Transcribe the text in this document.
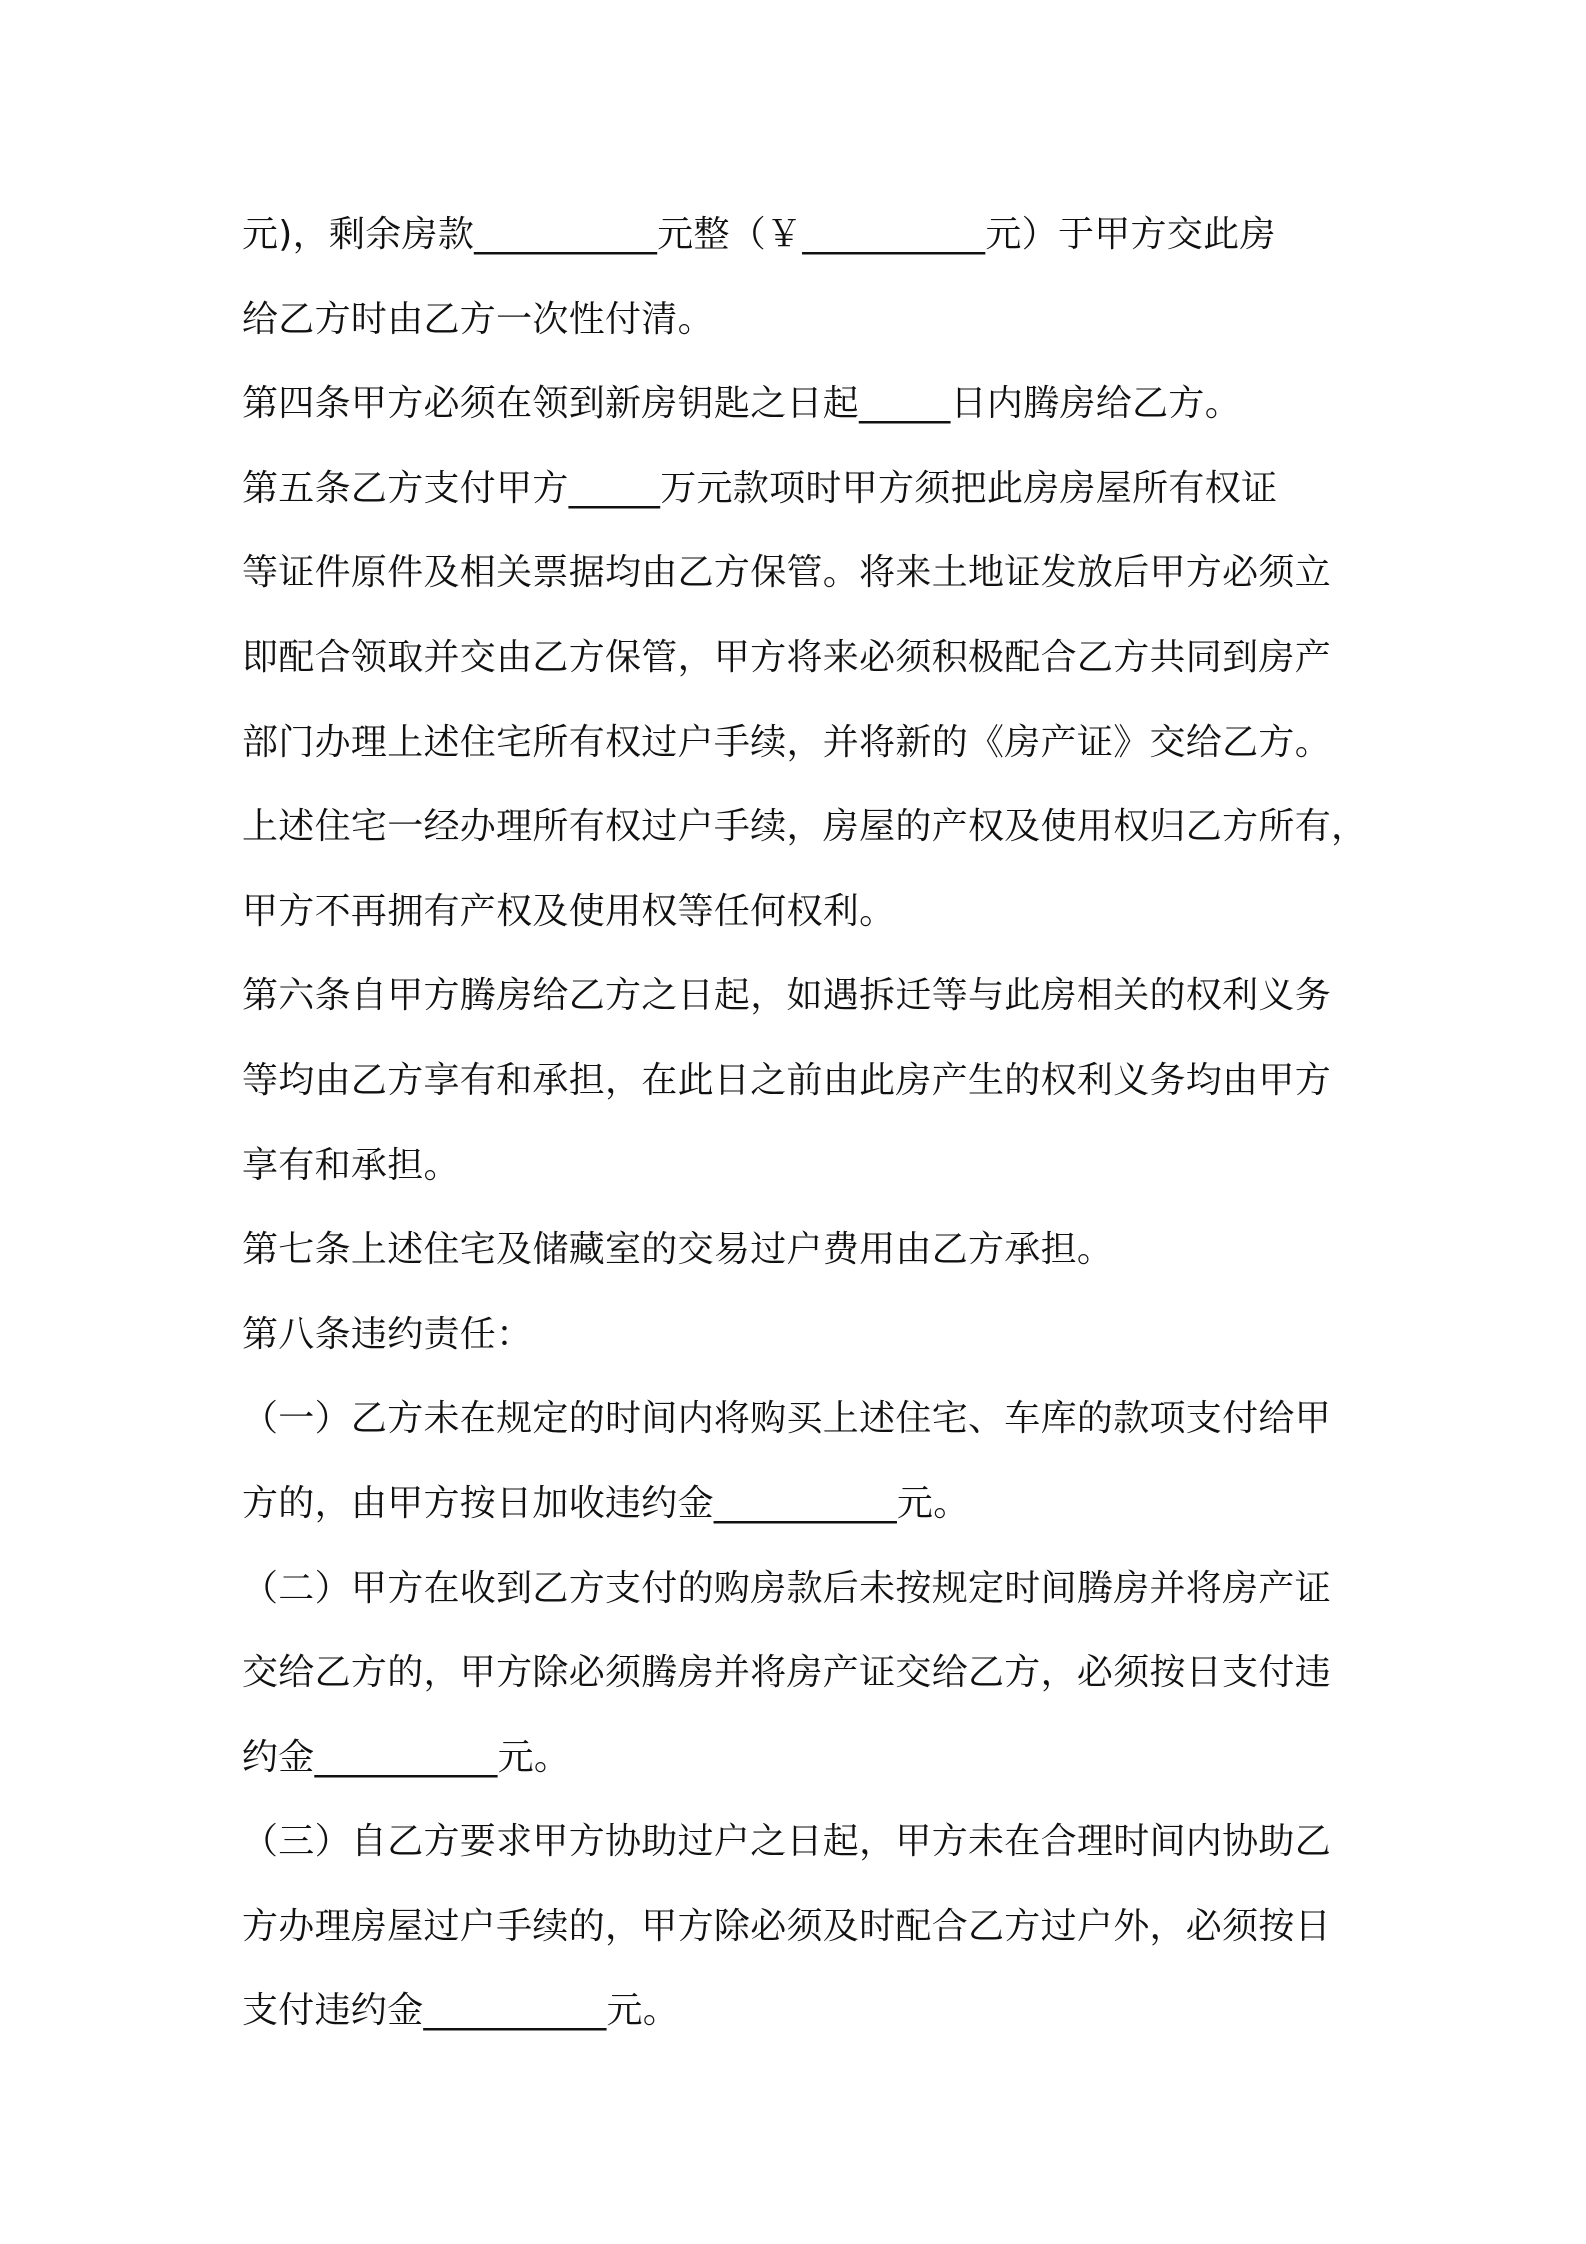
元)，剩余房款__________元整（￥__________元）于甲方交此房
给乙方时由乙方一次性付清。
第四条甲方必须在领到新房钥匙之日起_____日内腾房给乙方。
第五条乙方支付甲方_____万元款项时甲方须把此房房屋所有权证
等证件原件及相关票据均由乙方保管。将来土地证发放后甲方必须立
即配合领取并交由乙方保管，甲方将来必须积极配合乙方共同到房产
部门办理上述住宅所有权过户手续，并将新的《房产证》交给乙方。
上述住宅一经办理所有权过户手续，房屋的产权及使用权归乙方所有，
甲方不再拥有产权及使用权等任何权利。
第六条自甲方腾房给乙方之日起，如遇拆迁等与此房相关的权利义务
等均由乙方享有和承担，在此日之前由此房产生的权利义务均由甲方
享有和承担。
第七条上述住宅及储藏室的交易过户费用由乙方承担。
第八条违约责任：
（一）乙方未在规定的时间内将购买上述住宅、车库的款项支付给甲
方的，由甲方按日加收违约金__________元。
（二）甲方在收到乙方支付的购房款后未按规定时间腾房并将房产证
交给乙方的，甲方除必须腾房并将房产证交给乙方，必须按日支付违
约金__________元。
（三）自乙方要求甲方协助过户之日起，甲方未在合理时间内协助乙
方办理房屋过户手续的，甲方除必须及时配合乙方过户外，必须按日
支付违约金__________元。
